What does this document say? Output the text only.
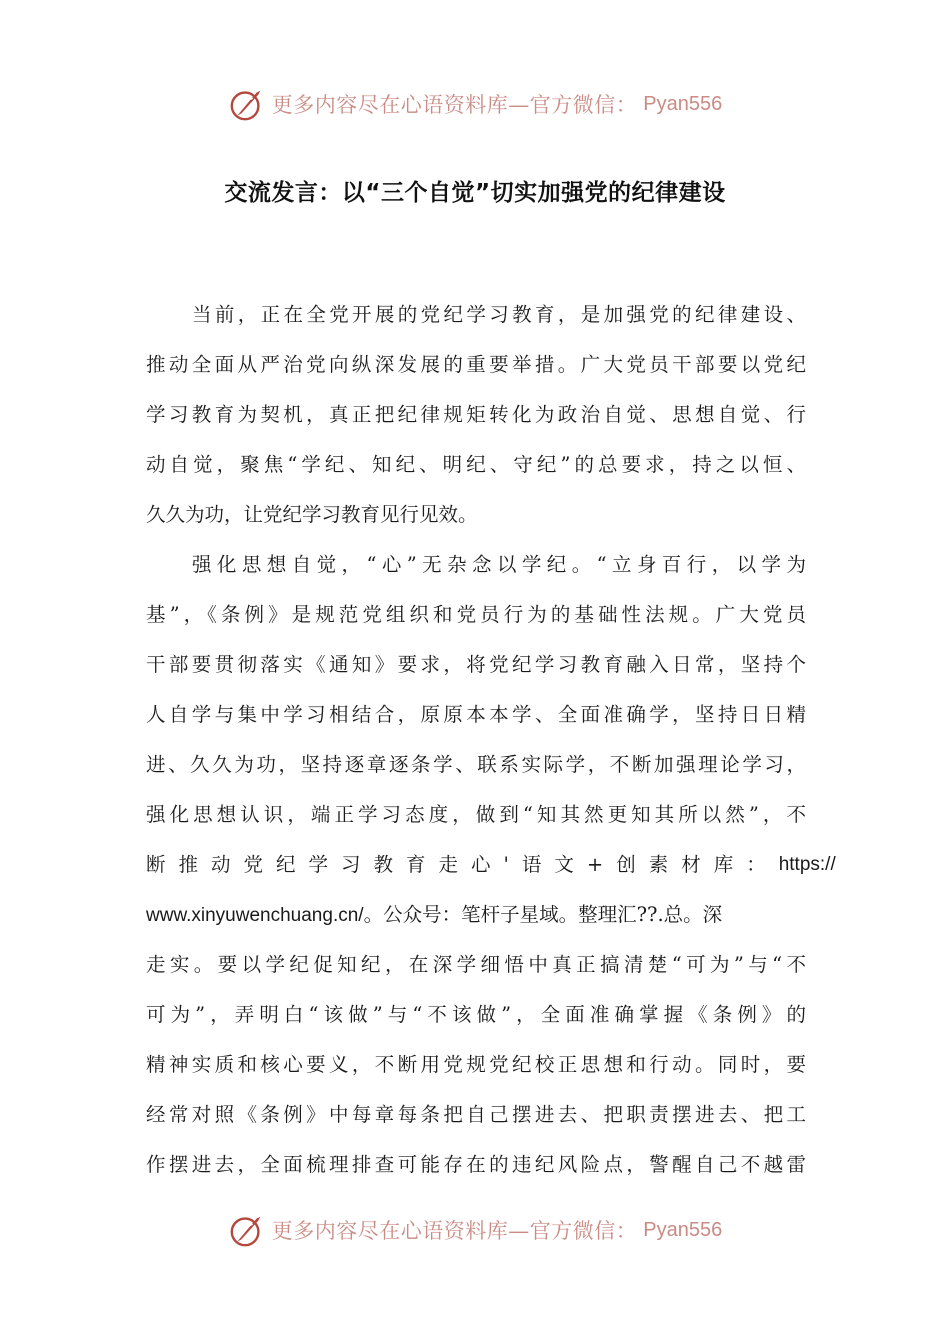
更多内容尽在心语资料库—官方微信： Pyan556
交流发言：以“三个自觉”切实加强党的纪律建设
当前，正在全党开展的党纪学习教育，是加强党的纪律建设、
推动全面从严治党向纵深发展的重要举措。广大党员干部要以党纪
学习教育为契机，真正把纪律规矩转化为政治自觉、思想自觉、行
动自觉，聚焦“学纪、知纪、明纪、守纪”的总要求，持之以恒、
久久为功，让党纪学习教育见行见效。
强化思想自觉，“心”无杂念以学纪。“立身百行，以学为
基”，《条例》是规范党组织和党员行为的基础性法规。广大党员
干部要贯彻落实《通知》要求，将党纪学习教育融入日常，坚持个
人自学与集中学习相结合，原原本本学、全面准确学，坚持日日精
进、久久为功，坚持逐章逐条学、联系实际学，不断加强理论学习，
强化思想认识，端正学习态度，做到“知其然更知其所以然”，不
断推动党纪学习教育走心'语文+创素材库： https://
www.xinyuwenchuang.cn/。公众号：笔杆子星域。整理汇??.总。深
走实。要以学纪促知纪，在深学细悟中真正搞清楚“可为”与“不
可为”，弄明白“该做”与“不该做”，全面准确掌握《条例》的
精神实质和核心要义，不断用党规党纪校正思想和行动。同时，要
经常对照《条例》中每章每条把自己摆进去、把职责摆进去、把工
作摆进去，全面梳理排查可能存在的违纪风险点，警醒自己不越雷
更多内容尽在心语资料库—官方微信： Pyan556
